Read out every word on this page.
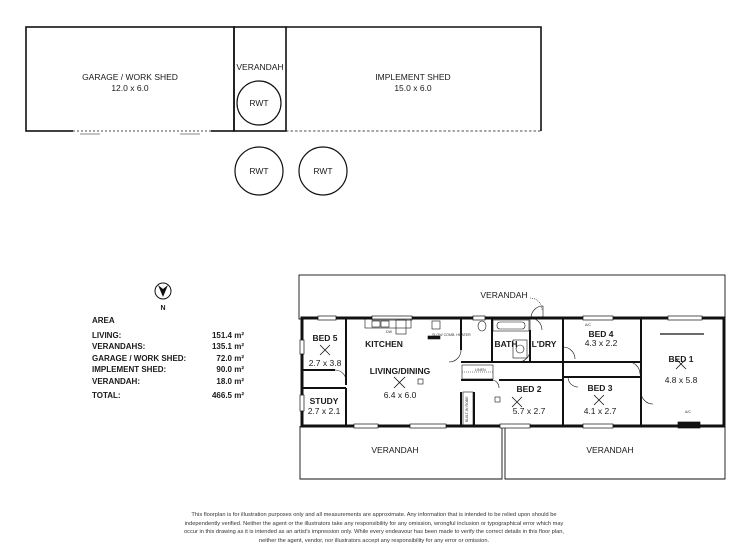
GARAGE / WORK SHED
12.0 x 6.0
VERANDAH
RWT
IMPLEMENT SHED
15.0 x 6.0
RWT	RWT
N
VERANDAH
VERANDAH	VERANDAH
DW
SLOW COMB. HEATER
LINEN
BUILT-IN ROBE
A/C
A/C
BED 5
2.7 x 3.8
KITCHEN	BATH L'DRY
BED 4
4.3 x 2.2
BED 1
4.8 x 5.8
LIVING/DINING
6.4 x 6.0
BED 2
5.7 x 2.7
BED 3
4.1 x 2.7
STUDY
2.7 x 2.1
AREA
LIVING:	151.4 m²
VERANDAHS:	135.1 m²
GARAGE / WORK SHED:	72.0 m²
IMPLEMENT SHED:	90.0 m²
VERANDAH:	18.0 m²
TOTAL:	466.5 m²
This floorplan is for illustration purposes only and all measurements are approximate. Any information that is intended to be relied upon should be independently verified. Neither the agent or the illustrators take any responsibility for any omission, wrongful inclusion or typographical error which may occur in this drawing as it is intended as an artist's impression only. While every endeavour has been made to verify the correct details in this floor plan, neither the agent, vendor, nor illustrators accept any responsibility for any error or omission.
